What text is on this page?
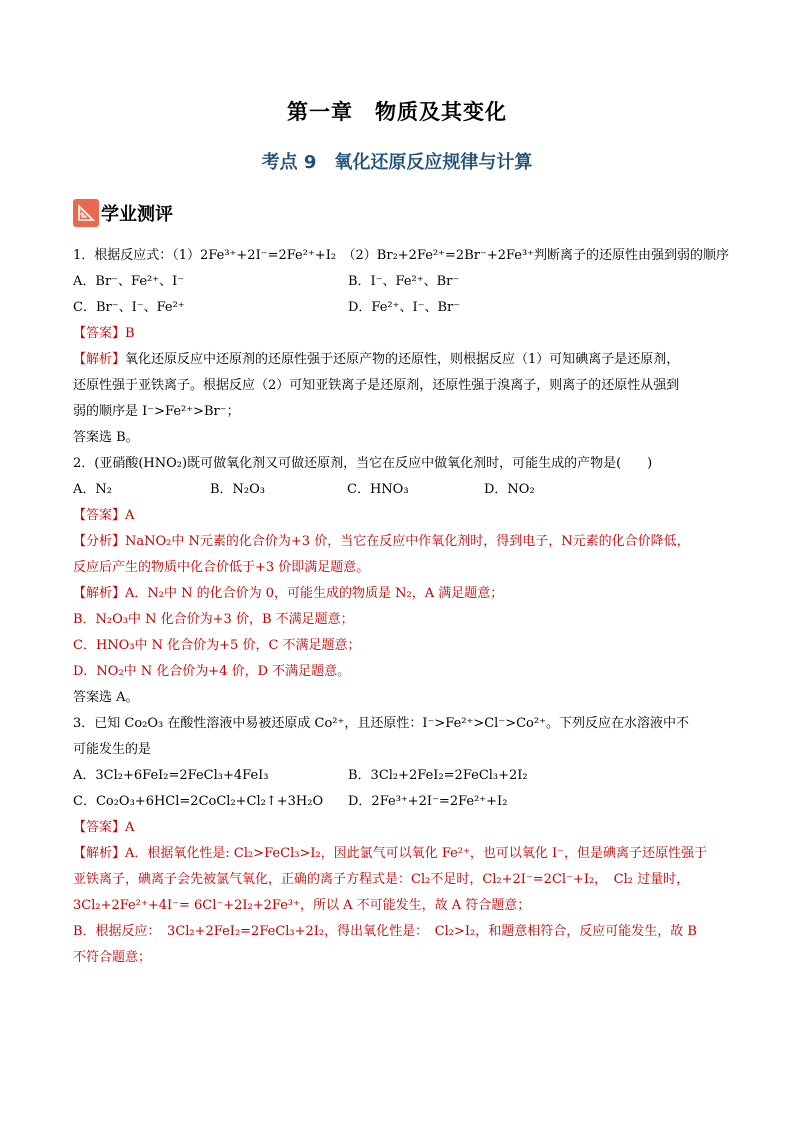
第一章　物质及其变化
考点 9　氧化还原反应规律与计算
学业测评
1．根据反应式：（1）2Fe³⁺+2I⁻=2Fe²⁺+I₂　（2）Br₂+2Fe²⁺=2Br⁻+2Fe³⁺判断离子的还原性由强到弱的顺序
A．Br⁻、Fe²⁺、I⁻	B．I⁻、Fe²⁺、Br⁻
C．Br⁻、I⁻、Fe²⁺	D．Fe²⁺、I⁻、Br⁻
【答案】B
【解析】氧化还原反应中还原剂的还原性强于还原产物的还原性，则根据反应（1）可知碘离子是还原剂，
还原性强于亚铁离子。根据反应（2）可知亚铁离子是还原剂，还原性强于溴离子，则离子的还原性从强到
弱的顺序是 I⁻>Fe²⁺>Br⁻；
答案选 B。
2．(亚硝酸(HNO₂)既可做氧化剂又可做还原剂，当它在反应中做氧化剂时，可能生成的产物是(　　)
A．N₂	B．N₂O₃	C．HNO₃	D．NO₂
【答案】A
【分析】NaNO₂中 N元素的化合价为+3 价，当它在反应中作氧化剂时，得到电子，N元素的化合价降低，
反应后产生的物质中化合价低于+3 价即满足题意。
【解析】A．N₂中 N 的化合价为 0，可能生成的物质是 N₂，A 满足题意；
B．N₂O₃中 N 化合价为+3 价，B 不满足题意；
C．HNO₃中 N 化合价为+5 价，C 不满足题意；
D．NO₂中 N 化合价为+4 价，D 不满足题意。
答案选 A。
3．已知 Co₂O₃ 在酸性溶液中易被还原成 Co²⁺，且还原性：I⁻>Fe²⁺>Cl⁻>Co²⁺。下列反应在水溶液中不
可能发生的是
A．3Cl₂+6FeI₂=2FeCl₃+4FeI₃	B．3Cl₂+2FeI₂=2FeCl₃+2I₂
C．Co₂O₃+6HCl=2CoCl₂+Cl₂↑+3H₂O	D．2Fe³⁺+2I⁻=2Fe²⁺+I₂
【答案】A
【解析】A．根据氧化性是: Cl₂>FeCl₃>I₂，因此氯气可以氧化 Fe²⁺，也可以氧化 I⁻，但是碘离子还原性强于
亚铁离子，碘离子会先被氯气氧化，正确的离子方程式是：Cl₂不足时，Cl₂+2I⁻=2Cl⁻+I₂，　Cl₂ 过量时，
3Cl₂+2Fe²⁺+4I⁻= 6Cl⁻+2I₂+2Fe³⁺，所以 A 不可能发生，故 A 符合题意；
B．根据反应：　3Cl₂+2FeI₂=2FeCl₃+2I₂，得出氧化性是：　Cl₂>I₂，和题意相符合，反应可能发生，故 B
不符合题意；
